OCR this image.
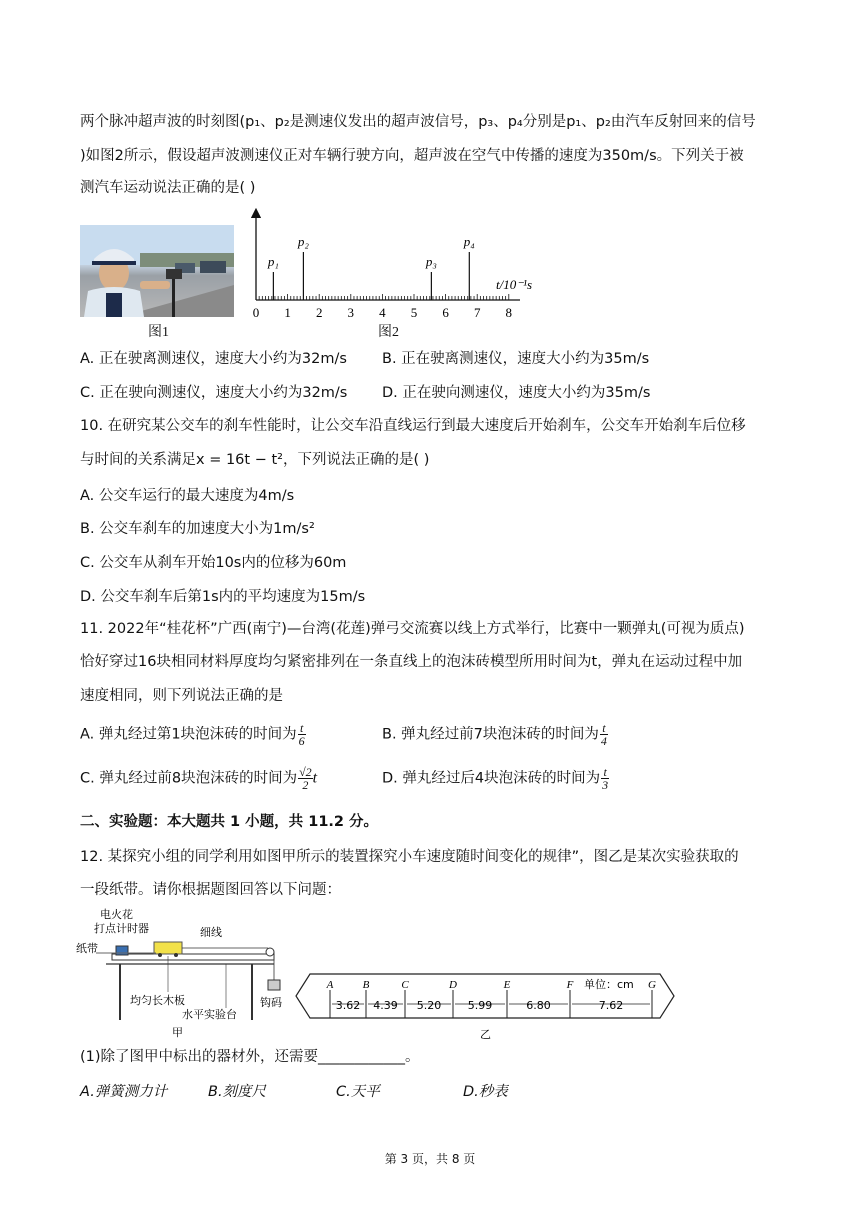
两个脉冲超声波的时刻图(p₁、p₂是测速仪发出的超声波信号，p₃、p₄分别是p₁、p₂由汽车反射回来的信号
)如图2所示，假设超声波测速仪正对车辆行驶方向，超声波在空气中传播的速度为350m/s。下列关于被
测汽车运动说法正确的是( )
图1
p₁
p₂
p₃
p₄
0 1 2 3 4 5 6 7 8
t/10⁻¹s
图2
A. 正在驶离测速仪，速度大小约为32m/s B. 正在驶离测速仪，速度大小约为35m/s
C. 正在驶向测速仪，速度大小约为32m/s D. 正在驶向测速仪，速度大小约为35m/s
10. 在研究某公交车的刹车性能时，让公交车沿直线运行到最大速度后开始刹车，公交车开始刹车后位移
与时间的关系满足x = 16t − t²，下列说法正确的是( )
A. 公交车运行的最大速度为4m/s
B. 公交车刹车的加速度大小为1m/s²
C. 公交车从刹车开始10s内的位移为60m
D. 公交车刹车后第1s内的平均速度为15m/s
11. 2022年“桂花杯”广西(南宁)—台湾(花莲)弹弓交流赛以线上方式举行，比赛中一颗弹丸(可视为质点)
恰好穿过16块相同材料厚度均匀紧密排列在一条直线上的泡沫砖模型所用时间为t，弹丸在运动过程中加
速度相同，则下列说法正确的是
A. 弹丸经过第1块泡沫砖的时间为 $\frac{t}{6}$	B. 弹丸经过前7块泡沫砖的时间为 $\frac{t}{4}$
C. 弹丸经过前8块泡沫砖的时间为 $\frac{√2}{2}$ t	D. 弹丸经过后4块泡沫砖的时间为 $\frac{t}{3}$
二、实验题：本大题共 1 小题，共 11.2 分。
12. 某探究小组的同学利用如图甲所示的装置探究小车速度随时间变化的规律”，图乙是某次实验获取的
一段纸带。请你根据题图回答以下问题：
电火花
打点计时器
纸带
细线
均匀长木板
水平实验台
钩码
甲
A	B	C	D	E	F	G
3.62 4.39 5.20 5.99	6.80	7.62
单位：cm
乙
(1)除了图甲中标出的器材外，还需要____________。
A.弹簧测力计	B.刻度尺	C.天平	D.秒表
第 3 页，共 8 页
